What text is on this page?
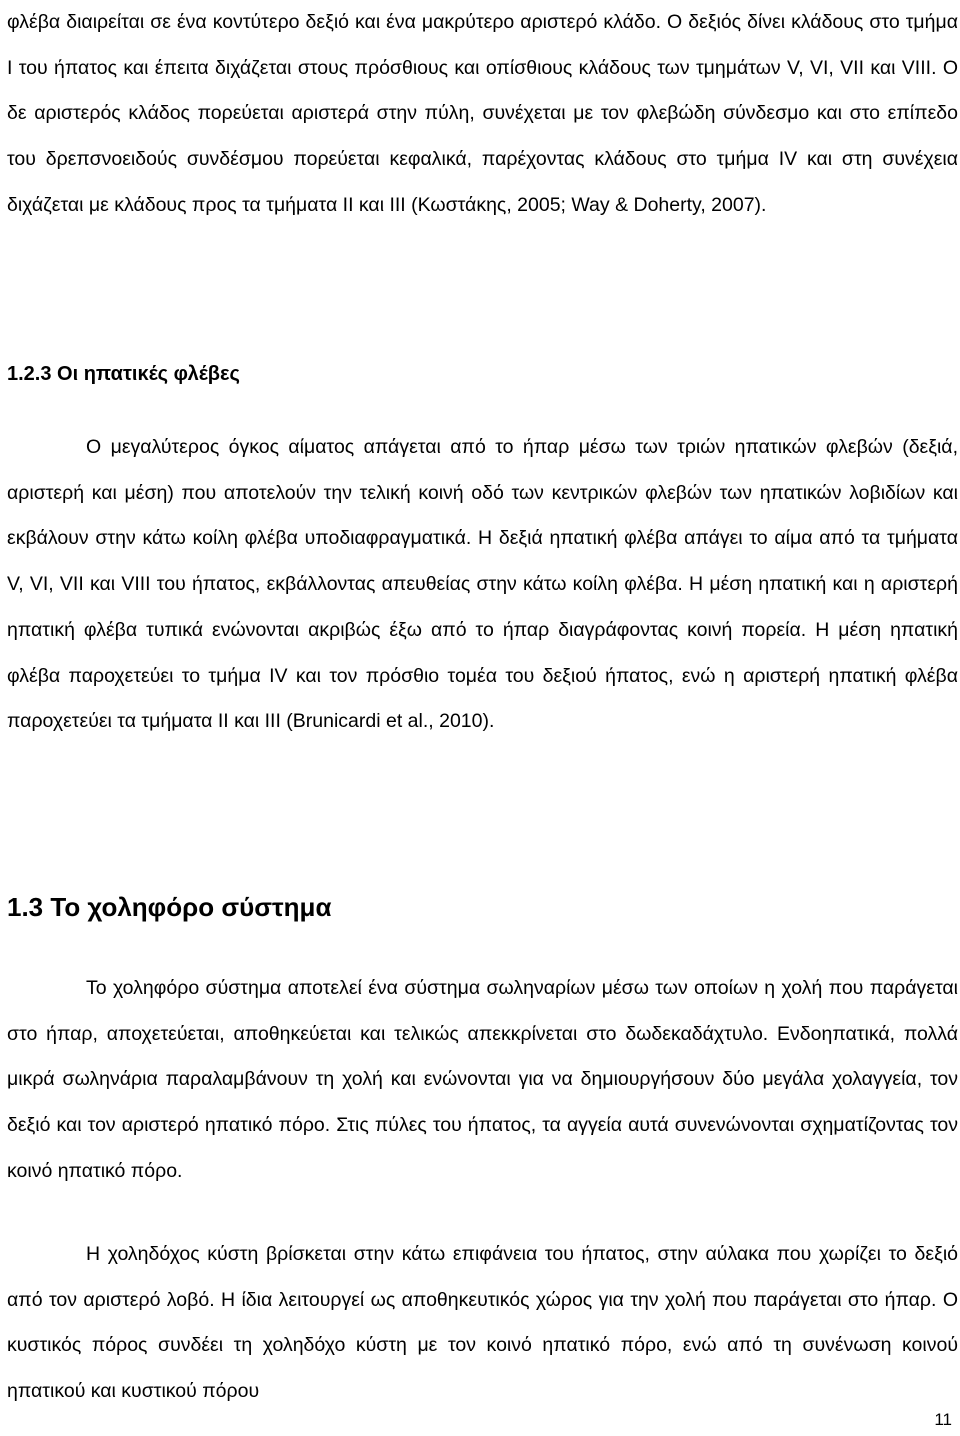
φλέβα διαιρείται σε ένα κοντύτερο δεξιό και ένα μακρύτερο αριστερό κλάδο. Ο δεξιός δίνει κλάδους στο τμήμα I του ήπατος και έπειτα διχάζεται στους πρόσθιους και οπίσθιους κλάδους των τμημάτων V, VI, VII και VIII. Ο δε αριστερός κλάδος πορεύεται αριστερά στην πύλη, συνέχεται με τον φλεβώδη σύνδεσμο και στο επίπεδο του δρεπσνοειδούς συνδέσμου πορεύεται κεφαλικά, παρέχοντας κλάδους στο τμήμα IV και στη συνέχεια διχάζεται με κλάδους προς τα τμήματα II και III (Κωστάκης, 2005; Way & Doherty, 2007).

1.2.3 Οι ηπατικές φλέβες

Ο μεγαλύτερος όγκος αίματος απάγεται από το ήπαρ μέσω των τριών ηπατικών φλεβών (δεξιά, αριστερή και μέση) που αποτελούν την τελική κοινή οδό των κεντρικών φλεβών των ηπατικών λοβιδίων και εκβάλουν στην κάτω κοίλη φλέβα υποδιαφραγματικά. Η δεξιά ηπατική φλέβα απάγει το αίμα από τα τμήματα V, VI, VII και VIII του ήπατος, εκβάλλοντας απευθείας στην κάτω κοίλη φλέβα. Η μέση ηπατική και η αριστερή ηπατική φλέβα τυπικά ενώνονται ακριβώς έξω από το ήπαρ διαγράφοντας κοινή πορεία. Η μέση ηπατική φλέβα παροχετεύει το τμήμα IV και τον πρόσθιο τομέα του δεξιού ήπατος, ενώ η αριστερή ηπατική φλέβα παροχετεύει τα τμήματα II και III (Brunicardi et al., 2010).

1.3 Το χοληφόρο σύστημα

Το χοληφόρο σύστημα αποτελεί ένα σύστημα σωληναρίων μέσω των οποίων η χολή που παράγεται στο ήπαρ, αποχετεύεται, αποθηκεύεται και τελικώς απεκκρίνεται στο δωδεκαδάχτυλο. Ενδοηπατικά, πολλά μικρά σωληνάρια παραλαμβάνουν τη χολή και ενώνονται για να δημιουργήσουν δύο μεγάλα χολαγγεία, τον δεξιό και τον αριστερό ηπατικό πόρο. Στις πύλες του ήπατος, τα αγγεία αυτά συνενώνονται σχηματίζοντας τον κοινό ηπατικό πόρο.

Η χοληδόχος κύστη βρίσκεται στην κάτω επιφάνεια του ήπατος, στην αύλακα που χωρίζει το δεξιό από τον αριστερό λοβό. Η ίδια λειτουργεί ως αποθηκευτικός χώρος για την χολή που παράγεται στο ήπαρ. Ο κυστικός πόρος συνδέει τη χοληδόχο κύστη με τον κοινό ηπατικό πόρο, ενώ από τη συνένωση κοινού ηπατικού και κυστικού πόρου

11
